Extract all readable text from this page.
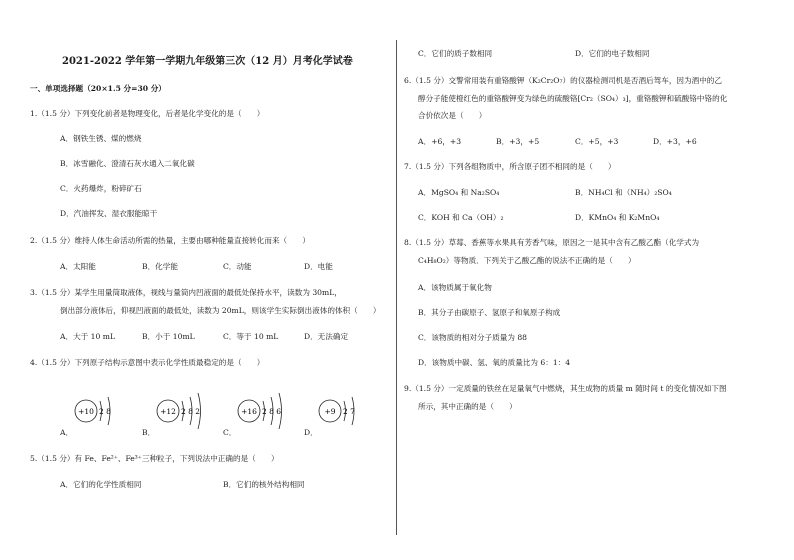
2021-2022 学年第一学期九年级第三次（12 月）月考化学试卷
一、单项选择题（20×1.5 分=30 分）
1.（1.5 分）下列变化前者是物理变化，后者是化学变化的是（　　）
A．钢铁生锈、煤的燃烧
B．冰雪融化、澄清石灰水通入二氧化碳
C．火药爆炸，粉碎矿石
D．汽油挥发、湿衣服能晾干
2.（1.5 分）维持人体生命活动所需的热量，主要由哪种能量直接转化而来（　　）
A．太阳能	B．化学能	C．动能	D．电能
3.（1.5 分）某学生用量筒取液体，视线与量筒内凹液面的最低处保持水平，读数为 30mL，
倒出部分液体后，仰视凹液面的最低处，读数为 20mL，则该学生实际倒出液体的体积（　　）
A．大于 10 mL	B．小于 10mL	C．等于 10 mL	D．无法确定
4.（1.5 分）下列原子结构示意图中表示化学性质最稳定的是（　　）
+10 2 8
A．
+12 2 8 2
B．
+16 2 8 6
C．
+9 2 7
D．
5.（1.5 分）有 Fe、Fe²⁺、Fe³⁺三种粒子，下列说法中正确的是（　　）
A．它们的化学性质相同	B．它们的核外结构相同
C．它们的质子数相同	D．它们的电子数相同
6.（1.5 分）交警常用装有重铬酸钾（K₂Cr₂O₇）的仪器检测司机是否酒后驾车，因为酒中的乙
醇分子能使橙红色的重铬酸钾变为绿色的硫酸铬[Cr₂（SO₄）₃]，重铬酸钾和硫酸铬中铬的化
合价依次是（　　）
A．+6，+3	B．+3，+5	C．+5，+3	D．+3，+6
7.（1.5 分）下列各组物质中，所含原子团不相同的是（　　）
A．MgSO₄ 和 Na₂SO₄	B．NH₄Cl 和（NH₄）₂SO₄
C．KOH 和 Ca（OH）₂	D．KMnO₄ 和 K₂MnO₄
8.（1.5 分）草莓、香蕉等水果具有芳香气味，原因之一是其中含有乙酸乙酯（化学式为
C₄H₈O₂）等物质．下列关于乙酸乙酯的说法不正确的是（　　）
A．该物质属于氧化物
B．其分子由碳原子、氢原子和氧原子构成
C．该物质的相对分子质量为 88
D．该物质中碳、氢、氧的质量比为 6：1：4
9.（1.5 分）一定质量的铁丝在足量氧气中燃烧，其生成物的质量 m 随时间 t 的变化情况如下图
所示，其中正确的是（　　）
